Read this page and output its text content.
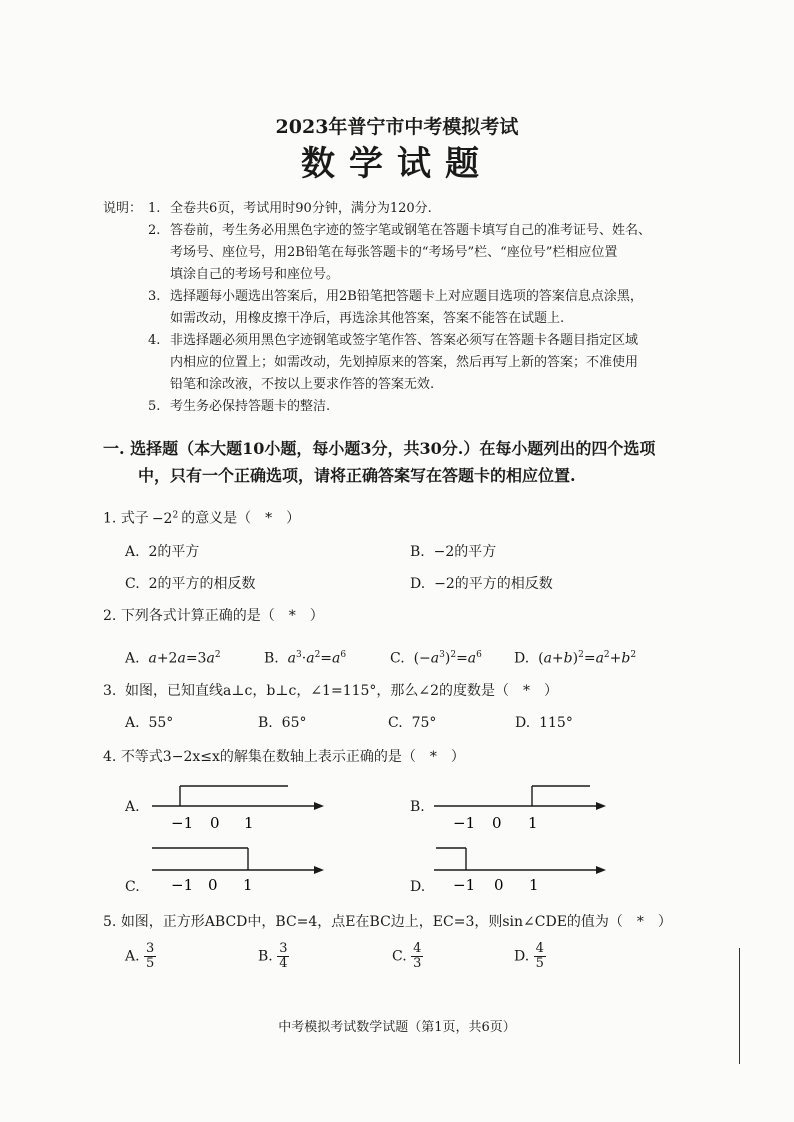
2023年普宁市中考模拟考试
数学试题
说明： 1. 全卷共6页，考试用时90分钟，满分为120分.
2. 答卷前，考生务必用黑色字迹的签字笔或钢笔在答题卡填写自己的准考证号、姓名、
考场号、座位号，用2B铅笔在每张答题卡的“考场号”栏、“座位号”栏相应位置
填涂自己的考场号和座位号。
3. 选择题每小题选出答案后，用2B铅笔把答题卡上对应题目选项的答案信息点涂黑，
如需改动，用橡皮擦干净后，再选涂其他答案，答案不能答在试题上.
4. 非选择题必须用黑色字迹钢笔或签字笔作答、答案必须写在答题卡各题目指定区域
内相应的位置上；如需改动，先划掉原来的答案，然后再写上新的答案；不准使用
铅笔和涂改液，不按以上要求作答的答案无效.
5. 考生务必保持答题卡的整洁.
一. 选择题（本大题10小题，每小题3分，共30分.）在每小题列出的四个选项
中，只有一个正确选项，请将正确答案写在答题卡的相应位置.
1. 式子 $-2^2$ 的意义是（　*　）
A. 2的平方	B. −2的平方
C. 2的平方的相反数	D. −2的平方的相反数
2. 下列各式计算正确的是（　*　）
A. $a+2a=3a^2$	B. $a^3\cdot a^2=a^6$	C.  $(-a^3)^2=a^6$ D.  $(a+b)^2=a^2+b^2$
如图，已知直线a⊥c，b⊥c，∠1=115°，那么∠2的度数是（　*　）
3.
A. 55°	B. 65°	C. 75°	D. 115°
4. 不等式3−2x≤x的解集在数轴上表示正确的是（　*　）
A.
−1 0 1
B.
−1 0 1
C. −1 0 1	D. −1 0 1
5. 如图，正方形ABCD中，BC=4，点E在BC边上，EC=3，则sin∠CDE的值为（　*　）
A. $\frac{3}{5}$	B. $\frac{3}{4}$	C. $\frac{4}{3}$	D. $\frac{4}{5}$
中考模拟考试数学试题（第1页，共6页）
